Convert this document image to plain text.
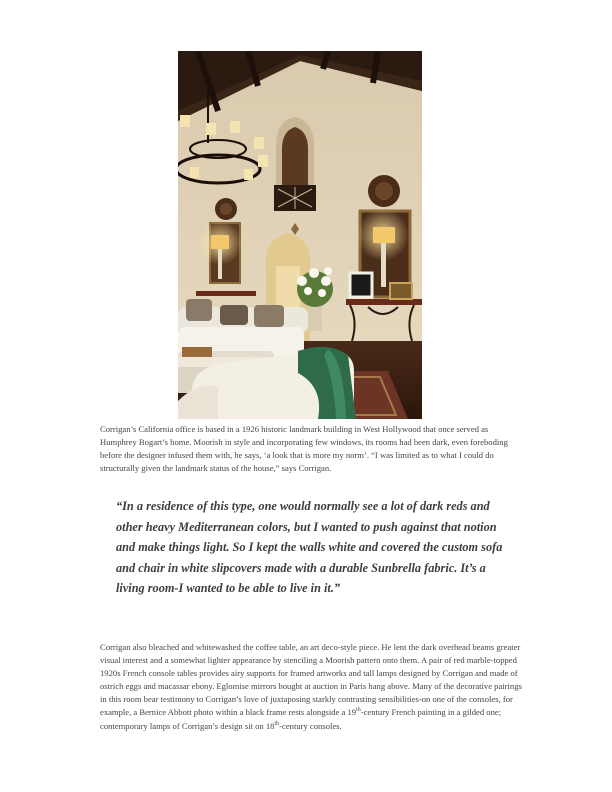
Corrigan’s California office is based in a 1926 historic landmark building in West Hollywood that once served as Humphrey Bogart’s home. Moorish in style and incorporating few windows, its rooms had been dark, even foreboding before the designer infused them with, he says, ‘a look that is more my norm’. “I was limited as to what I could do structurally given the landmark status of the house,” says Corrigan.

“In a residence of this type, one would normally see a lot of dark reds and other heavy Mediterranean colors, but I wanted to push against that notion and make things light. So I kept the walls white and covered the custom sofa and chair in white slipcovers made with a durable Sunbrella fabric. It’s a living room-I wanted to be able to live in it.”

Corrigan also bleached and whitewashed the coffee table, an art deco-style piece. He lent the dark overhead beams greater visual interest and a somewhat lighter appearance by stenciling a Moorish pattern onto them. A pair of red marble-topped 1920s French console tables provides airy supports for framed artworks and tall lamps designed by Corrigan and made of ostrich eggs and macassar ebony. Eglomise mirrors bought at auction in Paris hang above. Many of the decorative pairings in this room bear testimony to Corrigan’s love of juxtaposing starkly contrasting sensibilities-on one of the consoles, for example, a Bernice Abbott photo within a black frame rests alongside a 19th-century French painting in a gilded one; contemporary lamps of Corrigan’s design sit on 18th-century consoles.
